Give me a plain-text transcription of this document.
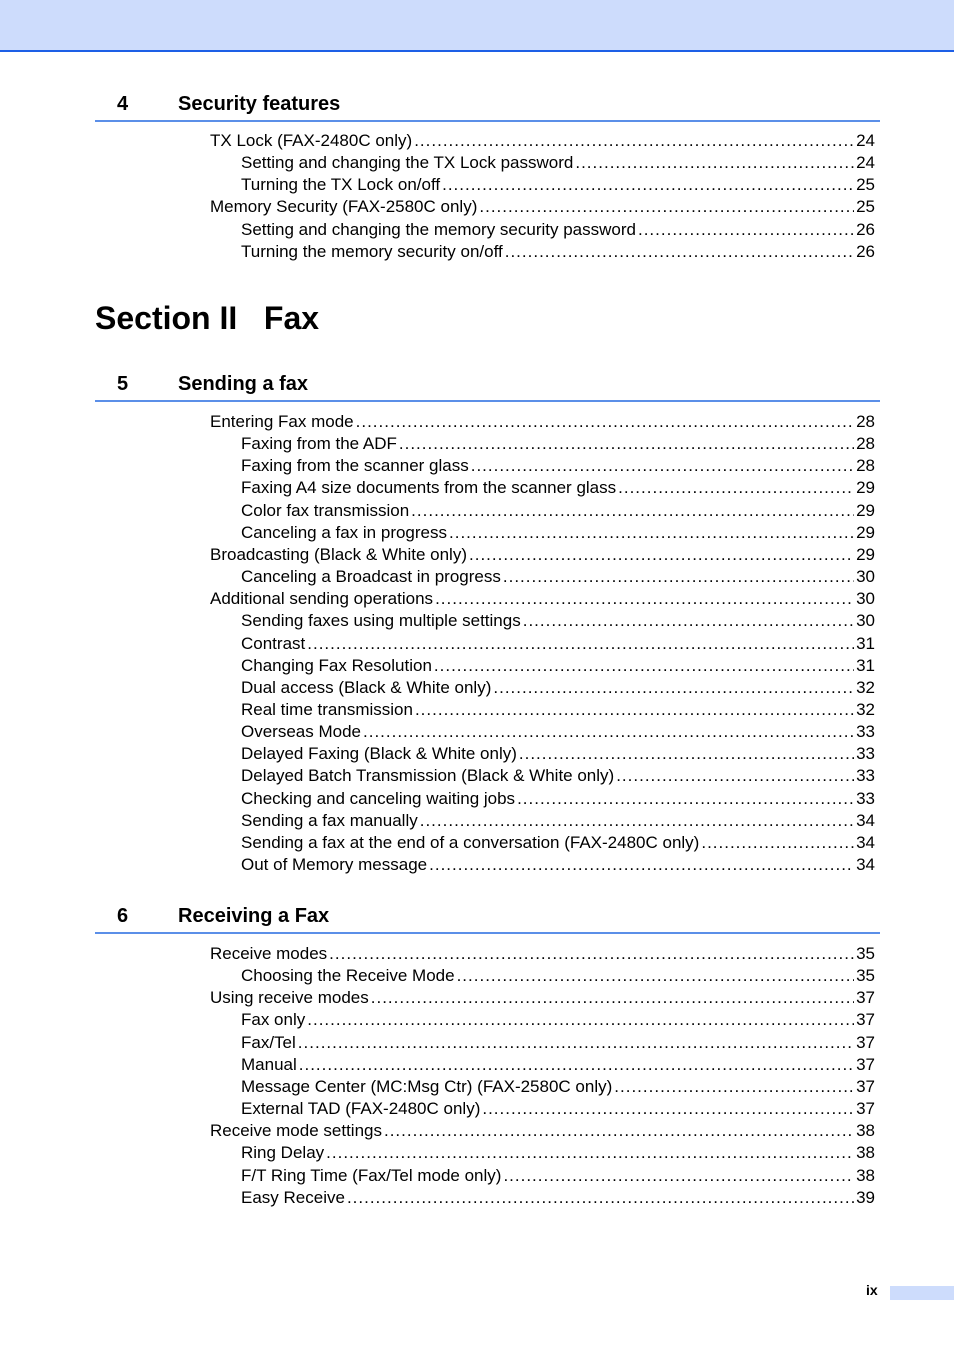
4 Security features
TX Lock (FAX-2480C only) .....	24
Setting and changing the TX Lock password .....	24
Turning the TX Lock on/off .....	25
Memory Security (FAX-2580C only) .....	25
Setting and changing the memory security password .....	26
Turning the memory security on/off .....	26
Section II Fax
5 Sending a fax
Entering Fax mode .....	28
Faxing from the ADF .....	28
Faxing from the scanner glass .....	28
Faxing A4 size documents from the scanner glass .....	29
Color fax transmission .....	29
Canceling a fax in progress .....	29
Broadcasting (Black & White only) .....	29
Canceling a Broadcast in progress .....	30
Additional sending operations .....	30
Sending faxes using multiple settings .....	30
Contrast .....	31
Changing Fax Resolution .....	31
Dual access (Black & White only) .....	32
Real time transmission .....	32
Overseas Mode .....	33
Delayed Faxing (Black & White only) .....	33
Delayed Batch Transmission (Black & White only) .....	33
Checking and canceling waiting jobs .....	33
Sending a fax manually .....	34
Sending a fax at the end of a conversation (FAX-2480C only) .....	34
Out of Memory message .....	34
6 Receiving a Fax
Receive modes .....	35
Choosing the Receive Mode .....	35
Using receive modes .....	37
Fax only .....	37
Fax/Tel .....	37
Manual .....	37
Message Center (MC:Msg Ctr) (FAX-2580C only) .....	37
External TAD (FAX-2480C only) .....	37
Receive mode settings .....	38
Ring Delay .....	38
F/T Ring Time (Fax/Tel mode only) .....	38
Easy Receive .....	39
ix
